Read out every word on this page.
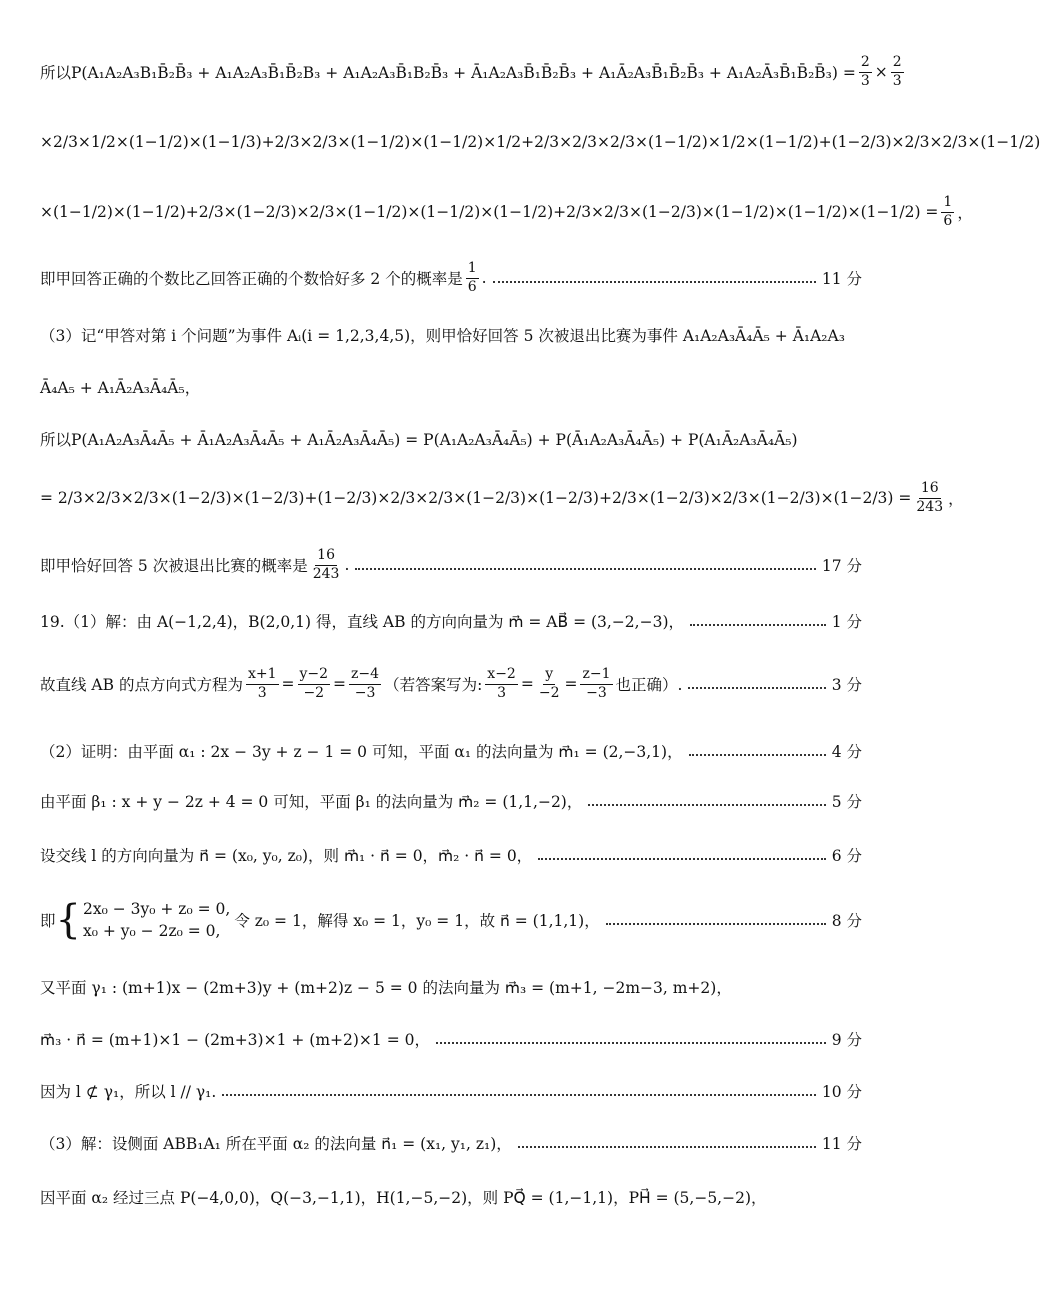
所以P(A₁A₂A₃B₁B̄₂B̄₃ + A₁A₂A₃B̄₁B̄₂B₃ + A₁A₂A₃B̄₁B₂B̄₃ + Ā₁A₂A₃B̄₁B̄₂B̄₃ + A₁Ā₂A₃B̄₁B̄₂B̄₃ + A₁A₂Ā₃B̄₁B̄₂B̄₃) = $\frac{2}{3} \times \frac{2}{3}$
×2/3×1/2×(1−1/2)×(1−1/3)+2/3×2/3×(1−1/2)×(1−1/2)×1/2+2/3×2/3×2/3×(1−1/2)×1/2×(1−1/2)+(1−2/3)×2/3×2/3×(1−1/2)
$\times(1-1/2)\times(1-1/2)+2/3\times(1-2/3)\times 2/3\times(1-1/2)\times(1-1/2)\times(1-1/2)+2/3\times 2/3\times(1-2/3)\times(1-1/2)\times(1-1/2)\times(1-1/2) = \frac{1}{6}$ ，
即甲回答正确的个数比乙回答正确的个数恰好多 2 个的概率是 $\frac{1}{6}$ .	11 分
（3）记“甲答对第 i 个问题”为事件 Aᵢ(i = 1,2,3,4,5)，则甲恰好回答 5 次被退出比赛为事件 A₁A₂A₃Ā₄Ā₅ + Ā₁A₂A₃
Ā₄A₅ + A₁Ā₂A₃Ā₄Ā₅，
所以P(A₁A₂A₃Ā₄Ā₅ + Ā₁A₂A₃Ā₄Ā₅ + A₁Ā₂A₃Ā₄Ā₅) = P(A₁A₂A₃Ā₄Ā₅) + P(Ā₁A₂A₃Ā₄Ā₅) + P(A₁Ā₂A₃Ā₄Ā₅)
= $2/3\times 2/3\times 2/3\times(1-2/3)\times(1-2/3)+(1-2/3)\times 2/3\times 2/3\times(1-2/3)\times(1-2/3)+2/3\times(1-2/3)\times 2/3\times(1-2/3)\times(1-2/3) = \frac{16}{243}$ ，
即甲恰好回答 5 次被退出比赛的概率是 $\frac{16}{243}$ .	17 分
19.（1）解：由 A(−1,2,4)，B(2,0,1) 得，直线 AB 的方向向量为 m⃗ = AB⃗ = (3,−2,−3)，	1 分
故直线 AB 的点方向式方程为 $\frac{x+1}{3} = \frac{y-2}{-2} = \frac{z-4}{-3}$ （若答案写为: $\frac{x-2}{3} = \frac{y}{-2} = \frac{z-1}{-3}$ 也正确）.	3 分
（2）证明：由平面 α₁ : 2x − 3y + z − 1 = 0 可知，平面 α₁ 的法向量为 m⃗₁ = (2,−3,1)，	4 分
由平面 β₁ : x + y − 2z + 4 = 0 可知，平面 β₁ 的法向量为 m⃗₂ = (1,1,−2)，	5 分
设交线 l 的方向向量为 n⃗ = (x₀, y₀, z₀)，则 m⃗₁ · n⃗ = 0，m⃗₂ · n⃗ = 0，	6 分
即 { 2x₀ − 3y₀ + z₀ = 0,
x₀ + y₀ − 2z₀ = 0,
令 z₀ = 1，解得 x₀ = 1，y₀ = 1，故 n⃗ = (1,1,1)，	8 分
又平面 γ₁ : (m+1)x − (2m+3)y + (m+2)z − 5 = 0 的法向量为 m⃗₃ = (m+1, −2m−3, m+2)，
m⃗₃ · n⃗ = (m+1)×1 − (2m+3)×1 + (m+2)×1 = 0，	9 分
因为 l ⊄ γ₁，所以 l // γ₁.	10 分
（3）解：设侧面 ABB₁A₁ 所在平面 α₂ 的法向量 n⃗₁ = (x₁, y₁, z₁)，	11 分
因平面 α₂ 经过三点 P(−4,0,0)，Q(−3,−1,1)，H(1,−5,−2)，则 PQ⃗ = (1,−1,1)，PH⃗ = (5,−5,−2)，
